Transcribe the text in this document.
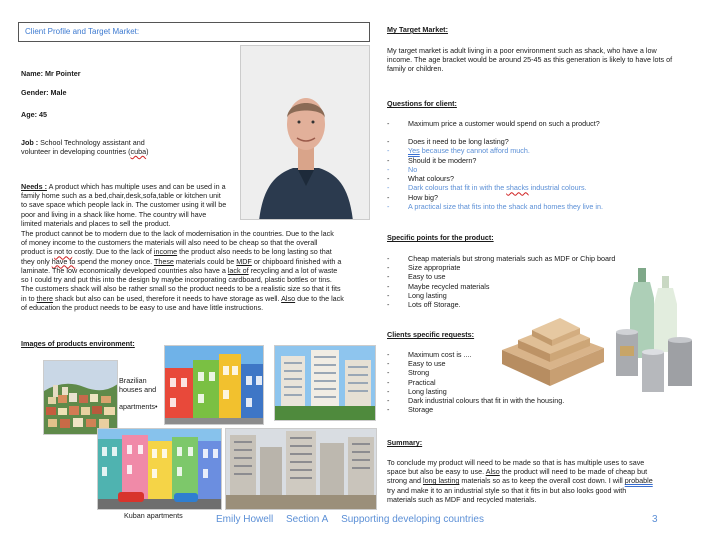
Client Profile and Target Market:
Name: Mr Pointer
Gender: Male
Age: 45
Job : School Technology assistant and
volunteer in developing countries (cuba)
Needs : A product which has multiple uses and can be used in a
family home such as a bed,chair,desk,sofa,table or kitchen unit
to save space which people lack in. The customer using it will be
poor and living in a shack like home. The country will have
limited materials and places to sell the product.
The product cannot be to modern due to the lack of modernisation in the countries. Due to the lack
of money income to the customers the materials will also need to be cheap so that the overall
product is not to costly. Due to the lack of income the product also needs to be long lasting so that
they only have to spend the money once. These materials could be MDF or chipboard finished with a
laminate. The low economically developed countries also have a lack of recycling and a lot of waste
so I could try and put this into the design by maybe incorporating cardboard, plastic bottles or tins.
The customers shack will also be rather small so the product needs to be a realistic size so that it fits
in to there shack but also can be used, therefore it needs to have storage as well. Also due to the lack
of education the product needs to be easy to use and have little instructions.
Images of products environment:
Brazilian
houses and
apartments•
Kuban apartments
My Target Market:
My target market is adult living in a poor environment such as shack, who have a low
income. The age bracket would be around 25-45 as this generation is likely to have lots of
family or children.
Questions for client:
- Maximum price a customer would spend on such a product?
- Does it need to be long lasting?
- Yes because they cannot afford much.
- Should it be modern?
- No
- What colours?
- Dark colours that fit in with the shacks industrial colours.
- How big?
- A practical size that fits into the shack and homes they live in.
Specific points for the product:
- Cheap materials but strong materials such as MDF or Chip board
- Size appropriate
- Easy to use
- Maybe recycled materials
- Long lasting
- Lots off Storage.
Clients specific requests:
- Maximum cost is ....
- Easy to use
- Strong
- Practical
- Long lasting
- Dark industrial colours that fit in with the housing.
- Storage
Summary:
To conclude my product will need to be made so that is has multiple uses to save
space but also be easy to use. Also the product will need to be made of cheap but
strong and long lasting materials so as to keep the overall cost down. I will probable
try and make it to an industrial style so that it fits in but also looks good with
materials such as MDF and recycled materials.
Emily Howell Section A Supporting developing countries	3
